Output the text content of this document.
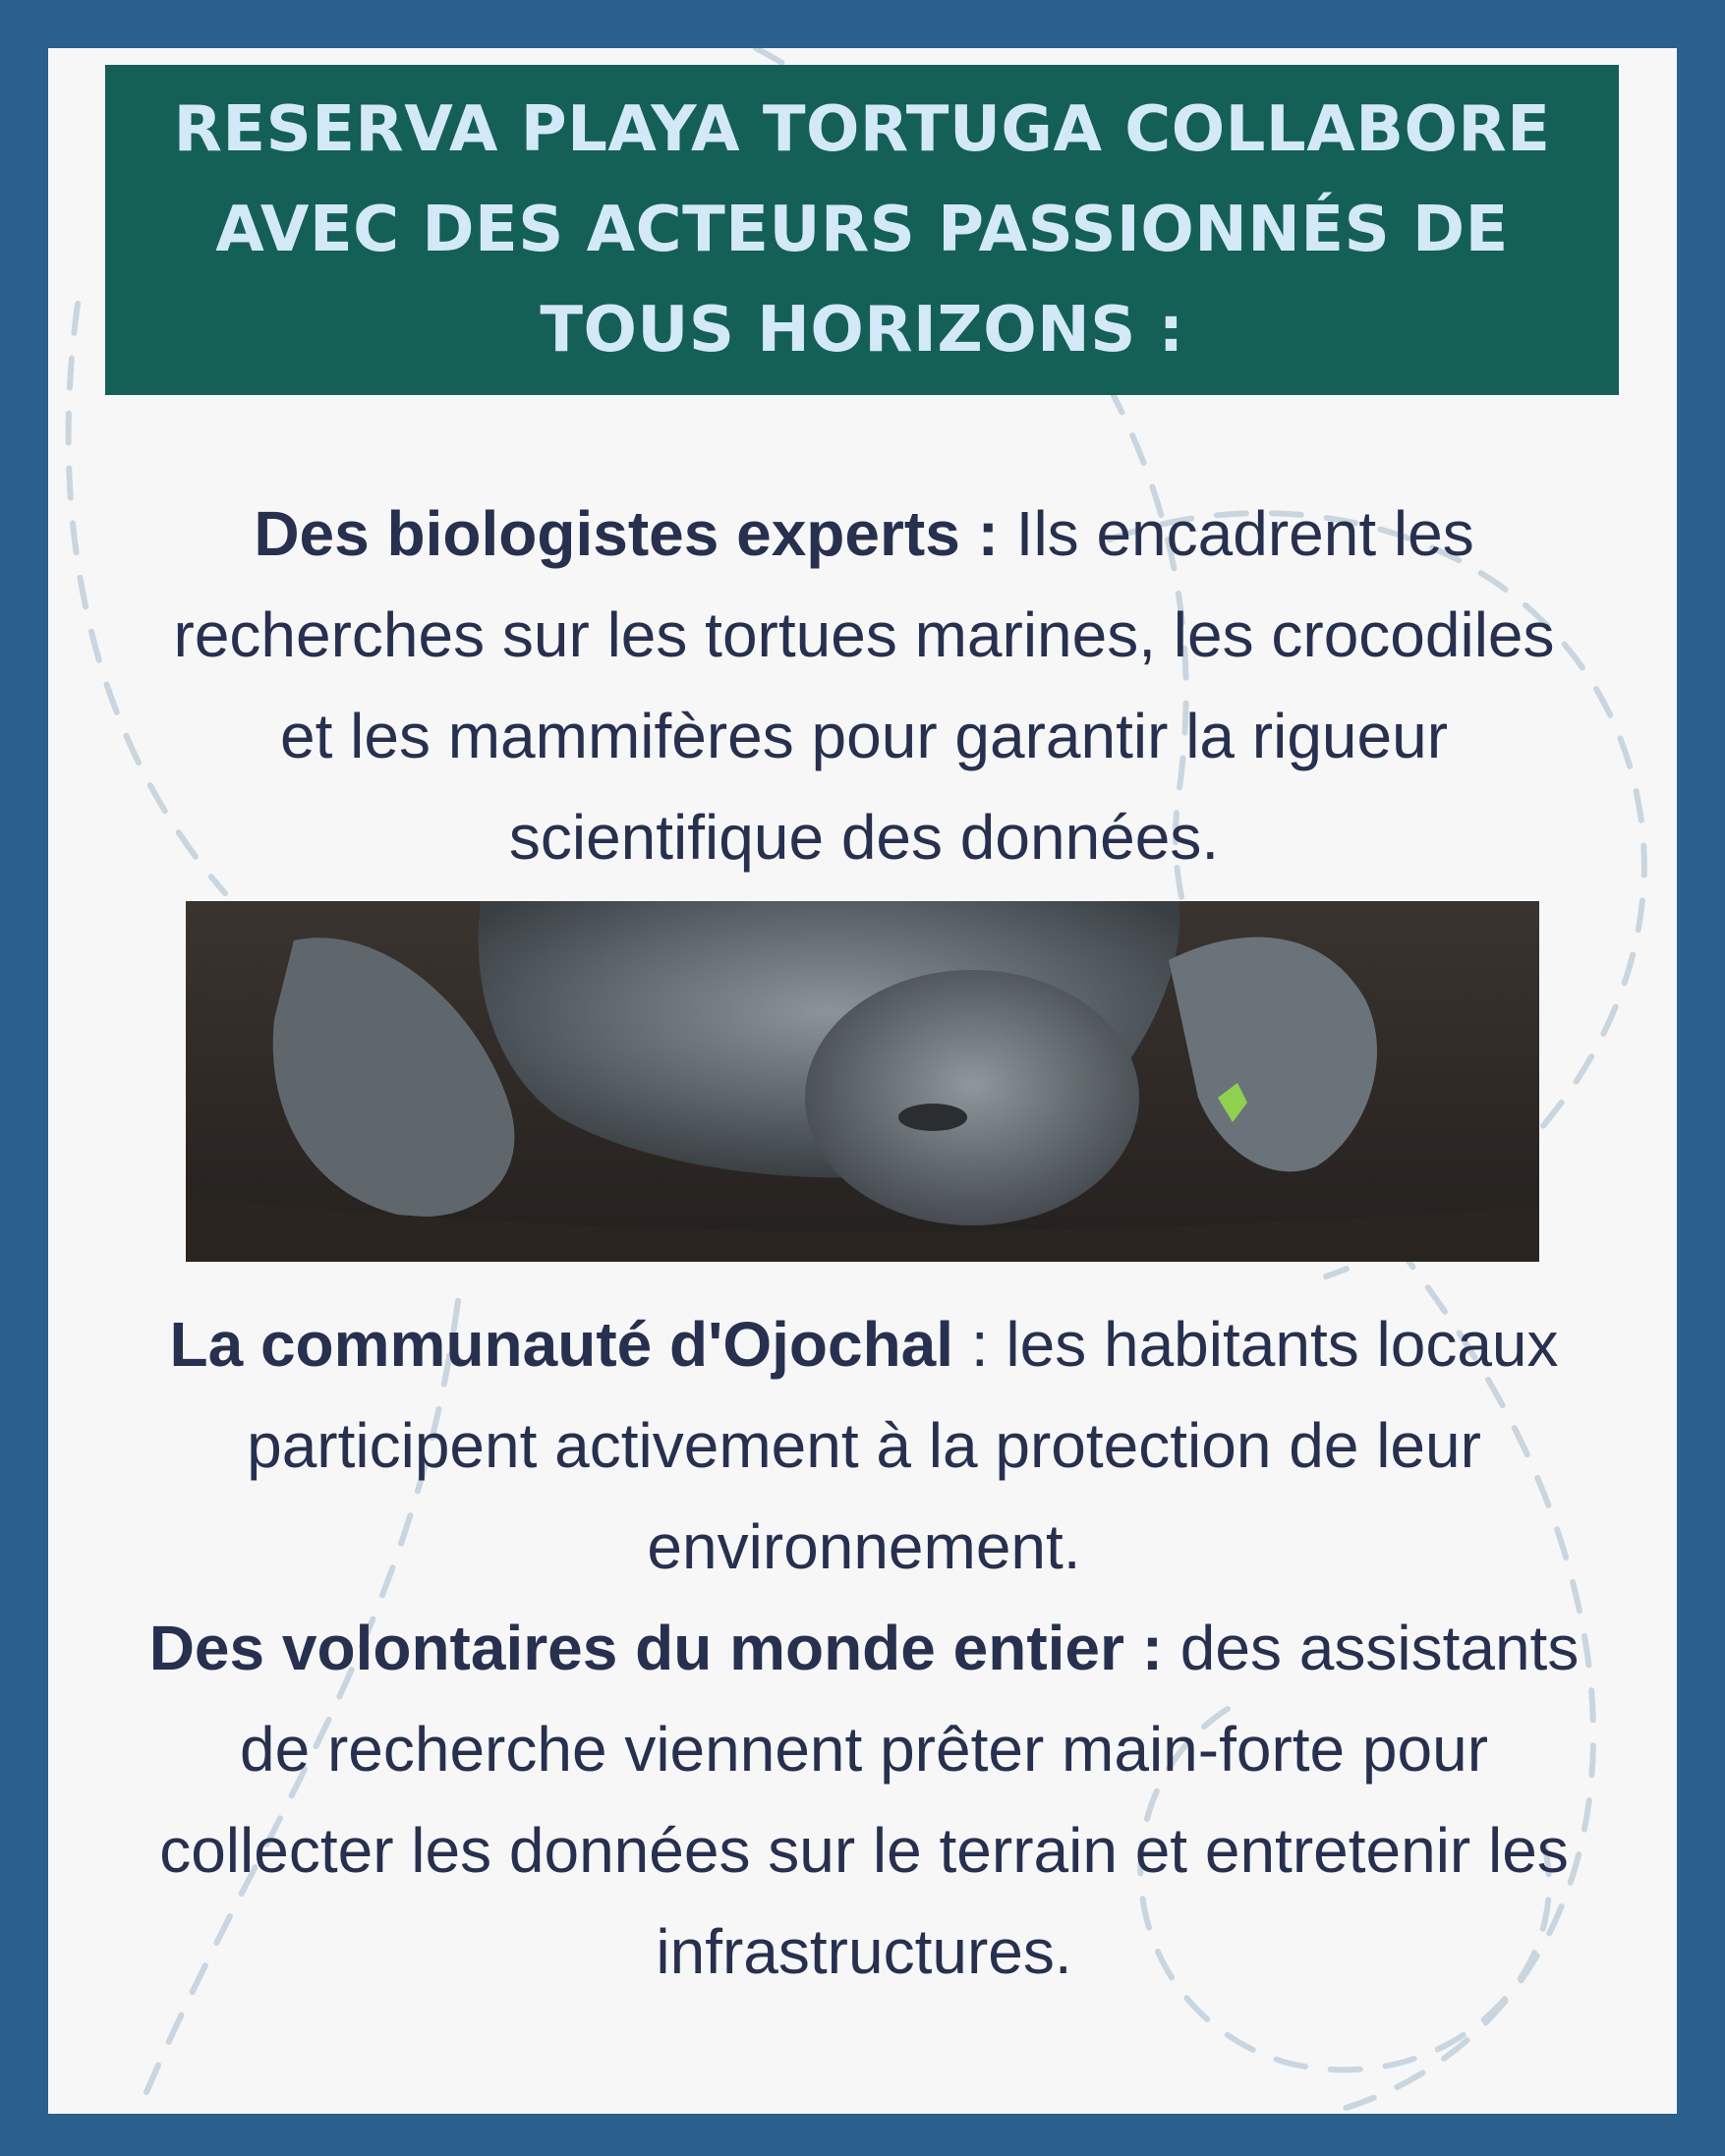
RESERVA PLAYA TORTUGA COLLABORE AVEC DES ACTEURS PASSIONNÉS DE TOUS HORIZONS :

Des biologistes experts : Ils encadrent les recherches sur les tortues marines, les crocodiles et les mammifères pour garantir la rigueur scientifique des données.

La communauté d'Ojochal : les habitants locaux participent activement à la protection de leur environnement.

Des volontaires du monde entier : des assistants de recherche viennent prêter main-forte pour collecter les données sur le terrain et entretenir les infrastructures.
